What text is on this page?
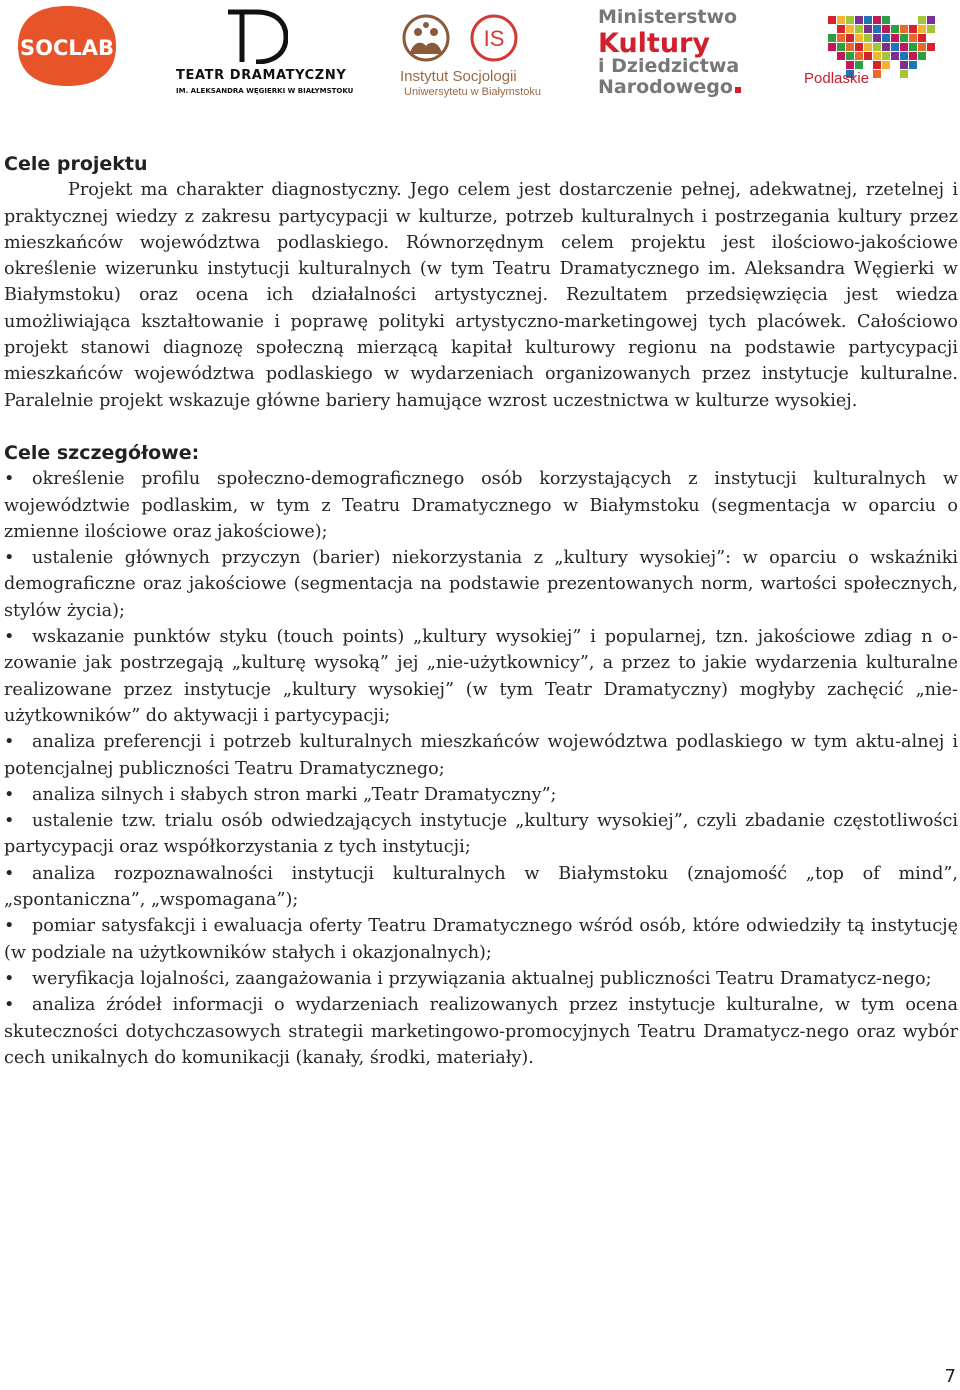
SOCLAB
TEATR DRAMATYCZNY
IM. ALEKSANDRA WĘGIERKI W BIAŁYMSTOKU
IS
Instytut Socjologii
Uniwersytetu w Białymstoku
Ministerstwo
Kultury
i Dziedzictwa
Narodowego	Podlaskie
Cele projektu

Projekt ma charakter diagnostyczny. Jego celem jest dostarczenie pełnej, adekwatnej, rzetelnej i praktycznej wiedzy z zakresu partycypacji w kulturze, potrzeb kulturalnych i postrzegania kultury przez mieszkańców województwa podlaskiego. Równorzędnym celem projektu jest ilościowo-jakościowe określenie wizerunku instytucji kulturalnych (w tym Teatru Dramatycznego im. Aleksandra Węgierki w Białymstoku) oraz ocena ich działalności artystycznej. Rezultatem przedsięwzięcia jest wiedza umożliwiająca kształtowanie i poprawę polityki artystyczno-marketingowej tych placówek. Całościowo projekt stanowi diagnozę społeczną mierzącą kapitał kulturowy regionu na podstawie partycypacji mieszkańców województwa podlaskiego w wydarzeniach organizowanych przez instytucje kulturalne. Paralelnie projekt wskazuje główne bariery hamujące wzrost uczestnictwa w kulturze wysokiej.

Cele szczegółowe:
•określenie profilu społeczno-demograficznego osób korzystających z instytucji kulturalnych w województwie podlaskim, w tym z Teatru Dramatycznego w Białymstoku (segmentacja w oparciu o zmienne ilościowe oraz jakościowe);
•ustalenie głównych przyczyn (barier) niekorzystania z „kultury wysokiej”: w oparciu o wskaźniki demograficzne oraz jakościowe (segmentacja na podstawie prezentowanych norm, wartości społecznych, stylów życia);
•wskazanie punktów styku (touch points) „kultury wysokiej” i popularnej, tzn. jakościowe zdiag n o-zowanie jak postrzegają „kulturę wysoką” jej „nie-użytkownicy”, a przez to jakie wydarzenia kulturalne realizowane przez instytucje „kultury wysokiej” (w tym Teatr Dramatyczny) mogłyby zachęcić „nie-użytkowników” do aktywacji i partycypacji;
•analiza preferencji i potrzeb kulturalnych mieszkańców województwa podlaskiego w tym aktu-alnej i potencjalnej publiczności Teatru Dramatycznego;
•analiza silnych i słabych stron marki „Teatr Dramatyczny”;
•ustalenie tzw. trialu osób odwiedzających instytucje „kultury wysokiej”, czyli zbadanie częstotliwości partycypacji oraz współkorzystania z tych instytucji;
•analiza rozpoznawalności instytucji kulturalnych w Białymstoku (znajomość „top of mind”, „spontaniczna”, „wspomagana”);
•pomiar satysfakcji i ewaluacja oferty Teatru Dramatycznego wśród osób, które odwiedziły tą instytucję (w podziale na użytkowników stałych i okazjonalnych);
•weryfikacja lojalności, zaangażowania i przywiązania aktualnej publiczności Teatru Dramatycz-nego;
•analiza źródeł informacji o wydarzeniach realizowanych przez instytucje kulturalne, w tym ocena skuteczności dotychczasowych strategii marketingowo-promocyjnych Teatru Dramatycz-nego oraz wybór cech unikalnych do komunikacji (kanały, środki, materiały).
7
